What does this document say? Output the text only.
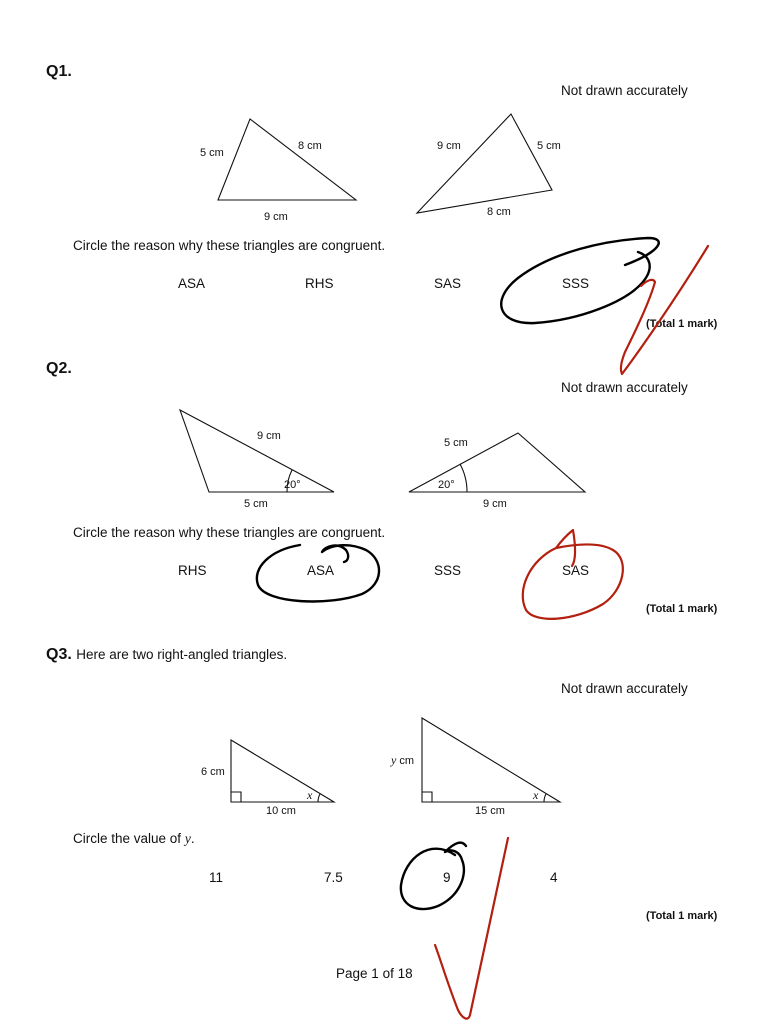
Q1.
Not drawn accurately
5 cm
8 cm
9 cm
9 cm	5 cm
8 cm
Circle the reason why these triangles are congruent.
ASA	RHS	SAS	SSS
(Total 1 mark)
Q2.
Not drawn accurately
9 cm
20°
5 cm
5 cm
20°
9 cm
Circle the reason why these triangles are congruent.
RHS	ASA	SSS	SAS
(Total 1 mark)
Q3. Here are two right-angled triangles.
Not drawn accurately
6 cm
x
10 cm
y cm
x
15 cm
Circle the value of y.
11	7.5	9	4
(Total 1 mark)
Page 1 of 18
